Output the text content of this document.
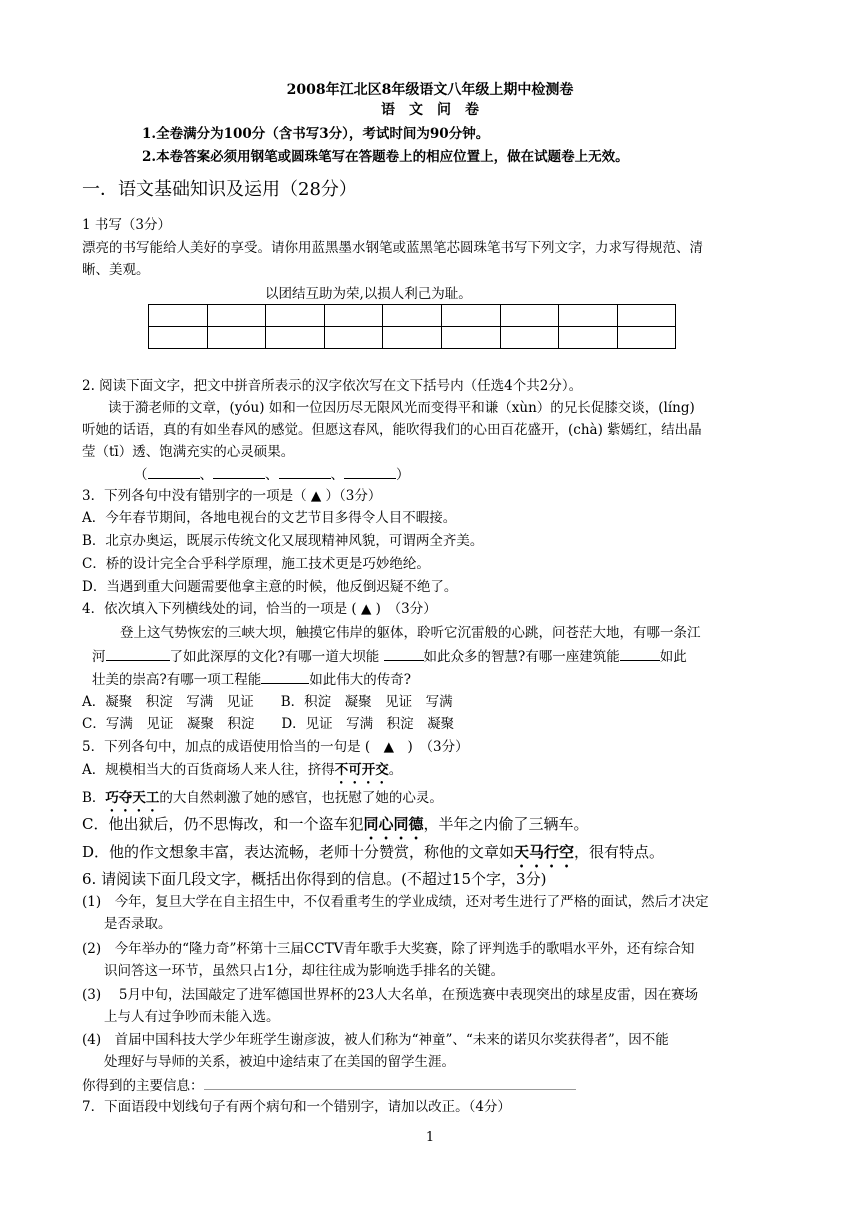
2008年江北区8年级语文八年级上期中检测卷
语　文　问　卷
1.全卷满分为100分（含书写3分），考试时间为90分钟。
2.本卷答案必须用钢笔或圆珠笔写在答题卷上的相应位置上，做在试题卷上无效。
一．语文基础知识及运用（28分）
1 书写（3分）
漂亮的书写能给人美好的享受。请你用蓝黑墨水钢笔或蓝黑笔芯圆珠笔书写下列文字，力求写得规范、清
晰、美观。
以团结互助为荣,以损人利己为耻。

2. 阅读下面文字，把文中拼音所表示的汉字依次写在文下括号内（任选4个共2分）。
读于漪老师的文章，(yóu) 如和一位因历尽无限风光而变得平和谦（xùn）的兄长促膝交谈，(líng)
听她的话语，真的有如坐春风的感觉。但愿这春风，能吹得我们的心田百花盛开，(chà) 紫嫣红，结出晶
莹（tī）透、饱满充实的心灵硕果。
（	、	、	、	）
3．下列各句中没有错别字的一项是（ ▲ ）（3分）
A．今年春节期间，各地电视台的文艺节目多得令人目不暇接。
B．北京办奥运，既展示传统文化又展现精神风貌，可谓两全齐美。
C．桥的设计完全合乎科学原理，施工技术更是巧妙绝纶。
D．当遇到重大问题需要他拿主意的时候，他反倒迟疑不绝了。
4．依次填入下列横线处的词，恰当的一项是 ( ▲ )　（3分）
登上这气势恢宏的三峡大坝，触摸它伟岸的躯体，聆听它沉雷般的心跳，问苍茫大地，有哪一条江
河	了如此深厚的文化?有哪一道大坝能	如此众多的智慧?有哪一座建筑能	如此
壮美的崇高?有哪一项工程能	如此伟大的传奇?
A．凝聚　积淀　写满　见证　　B．积淀　凝聚　见证　写满
C．写满　见证　凝聚　积淀　　D．见证　写满　积淀　凝聚
5．下列各句中，加点的成语使用恰当的一句是 (　▲　)　（3分）
A．规模相当大的百货商场人来人往，挤得不可开交。
B．巧夺天工的大自然刺激了她的感官，也抚慰了她的心灵。
C．他出狱后，仍不思悔改，和一个盗车犯同心同德，半年之内偷了三辆车。
D．他的作文想象丰富，表达流畅，老师十分赞赏，称他的文章如天马行空，很有特点。
6. 请阅读下面几段文字，概括出你得到的信息。(不超过15个字，3分)
(1)　今年，复旦大学在自主招生中，不仅看重考生的学业成绩，还对考生进行了严格的面试，然后才决定
是否录取。
(2)　今年举办的“隆力奇”杯第十三届CCTV青年歌手大奖赛，除了评判选手的歌唱水平外，还有综合知
识问答这一环节，虽然只占1分，却往往成为影响选手排名的关键。
(3)　 5月中旬，法国敲定了进军德国世界杯的23人大名单，在预选赛中表现突出的球星皮雷，因在赛场
上与人有过争吵而未能入选。
(4)　首届中国科技大学少年班学生谢彦波，被人们称为“神童”、“未来的诺贝尔奖获得者”，因不能
处理好与导师的关系，被迫中途结束了在美国的留学生涯。
你得到的主要信息：
7．下面语段中划线句子有两个病句和一个错别字，请加以改正。（4分）
1
